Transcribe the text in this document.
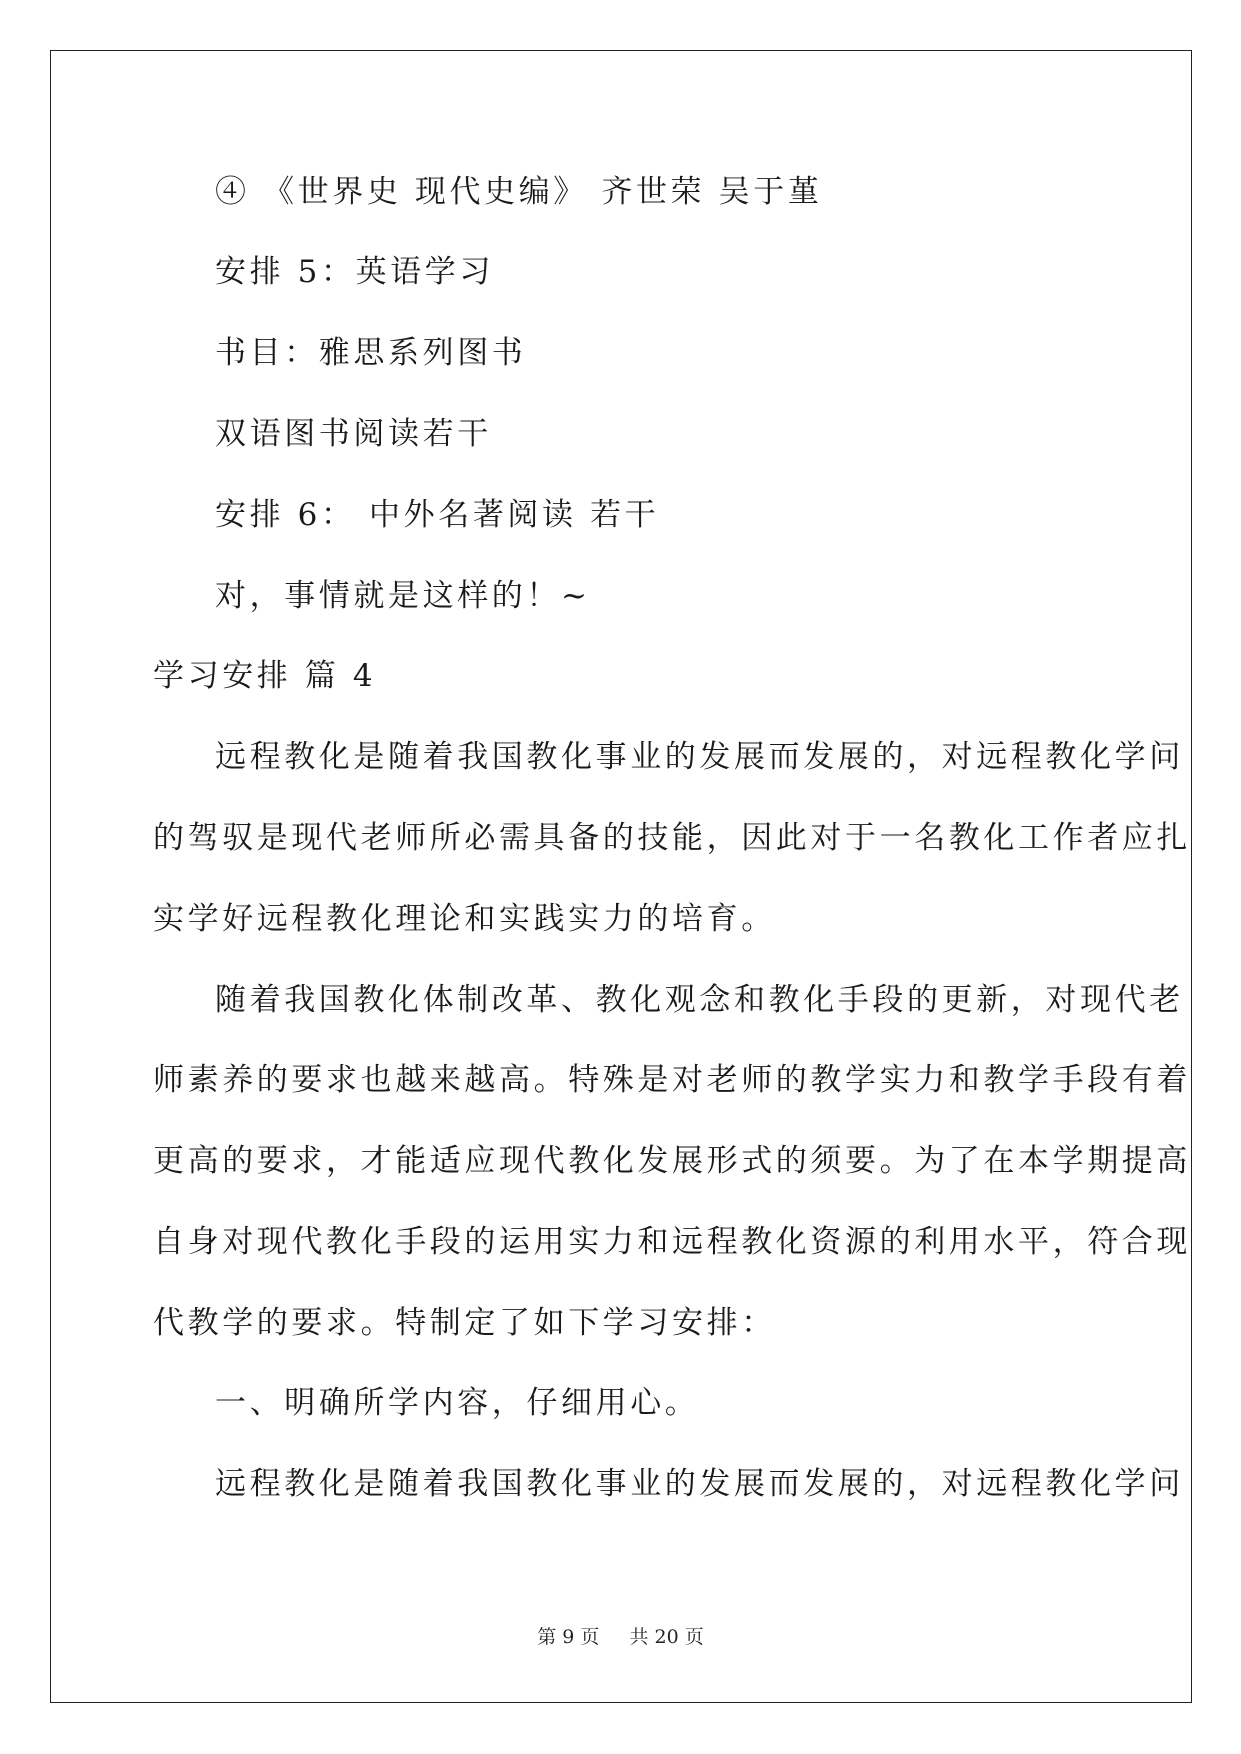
④ 《世界史 现代史编》 齐世荣 吴于堇
安排 5：英语学习
书目：雅思系列图书
双语图书阅读若干
安排 6： 中外名著阅读 若干
对，事情就是这样的！~
学习安排 篇 4
远程教化是随着我国教化事业的发展而发展的，对远程教化学问
的驾驭是现代老师所必需具备的技能，因此对于一名教化工作者应扎
实学好远程教化理论和实践实力的培育。
随着我国教化体制改革、教化观念和教化手段的更新，对现代老
师素养的要求也越来越高。特殊是对老师的教学实力和教学手段有着
更高的要求，才能适应现代教化发展形式的须要。为了在本学期提高
自身对现代教化手段的运用实力和远程教化资源的利用水平，符合现
代教学的要求。特制定了如下学习安排：
一、明确所学内容，仔细用心。
远程教化是随着我国教化事业的发展而发展的，对远程教化学问
第 9 页 共 20 页
